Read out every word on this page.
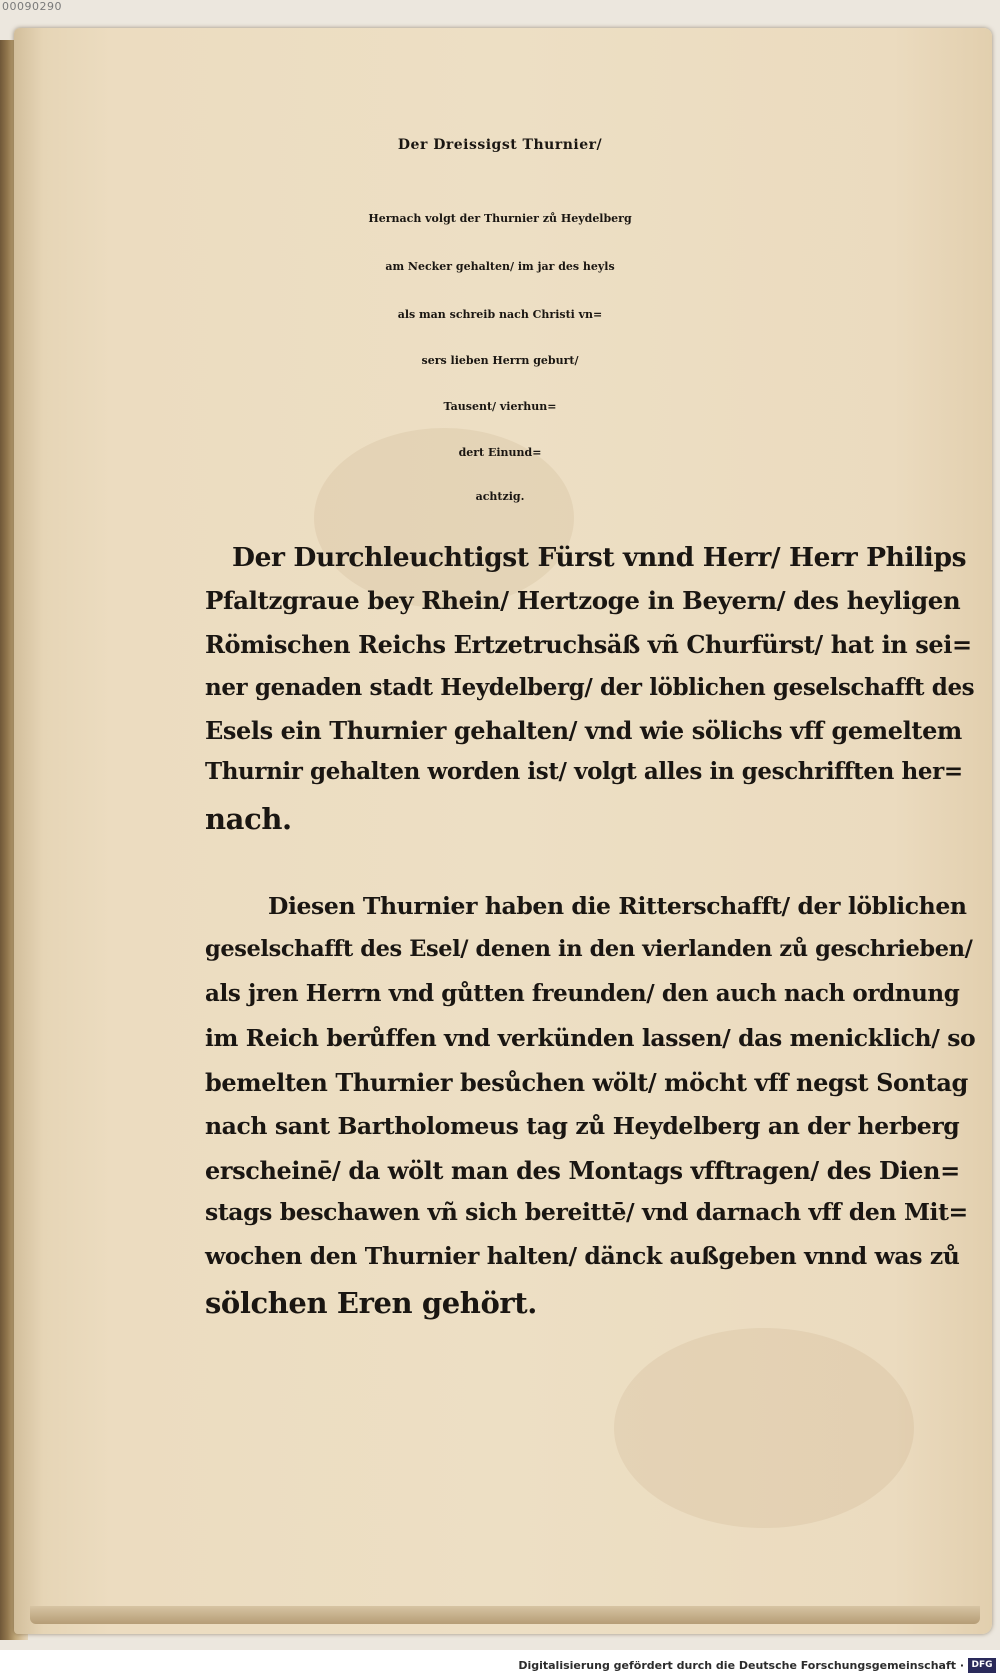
00090290
Der Dreissigst Thurnier/
Hernach volgt der Thurnier zů Heydelberg
am Necker gehalten/ im jar des heyls
als man schreib nach Christi vn=
sers lieben Herrn geburt/
Tausent/ vierhun=
dert Einund=
achtzig.
Der Durchleuchtigst Fürst vnnd Herr/ Herr Philips
Pfaltzgraue bey Rhein/ Hertzoge in Beyern/ des heyligen
Römischen Reichs Ertzetruchsäß vñ Churfürst/ hat in sei=
ner genaden stadt Heydelberg/ der löblichen geselschafft des
Esels ein Thurnier gehalten/ vnd wie sölichs vff gemeltem
Thurnir gehalten worden ist/ volgt alles in geschrifften her=
nach.
Diesen Thurnier haben die Ritterschafft/ der löblichen
geselschafft des Esel/ denen in den vierlanden zů geschrieben/
als jren Herrn vnd gůtten freunden/ den auch nach ordnung
im Reich berůffen vnd verkünden lassen/ das menicklich/ so
bemelten Thurnier besůchen wölt/ möcht vff negst Sontag
nach sant Bartholomeus tag zů Heydelberg an der herberg
erscheinē/ da wölt man des Montags vfftragen/ des Dien=
stags beschawen vñ sich bereittē/ vnd darnach vff den Mit=
wochen den Thurnier halten/ dänck außgeben vnnd was zů
sölchen Eren gehört.
Digitalisierung gefördert durch die Deutsche Forschungsgemeinschaft · DFG
